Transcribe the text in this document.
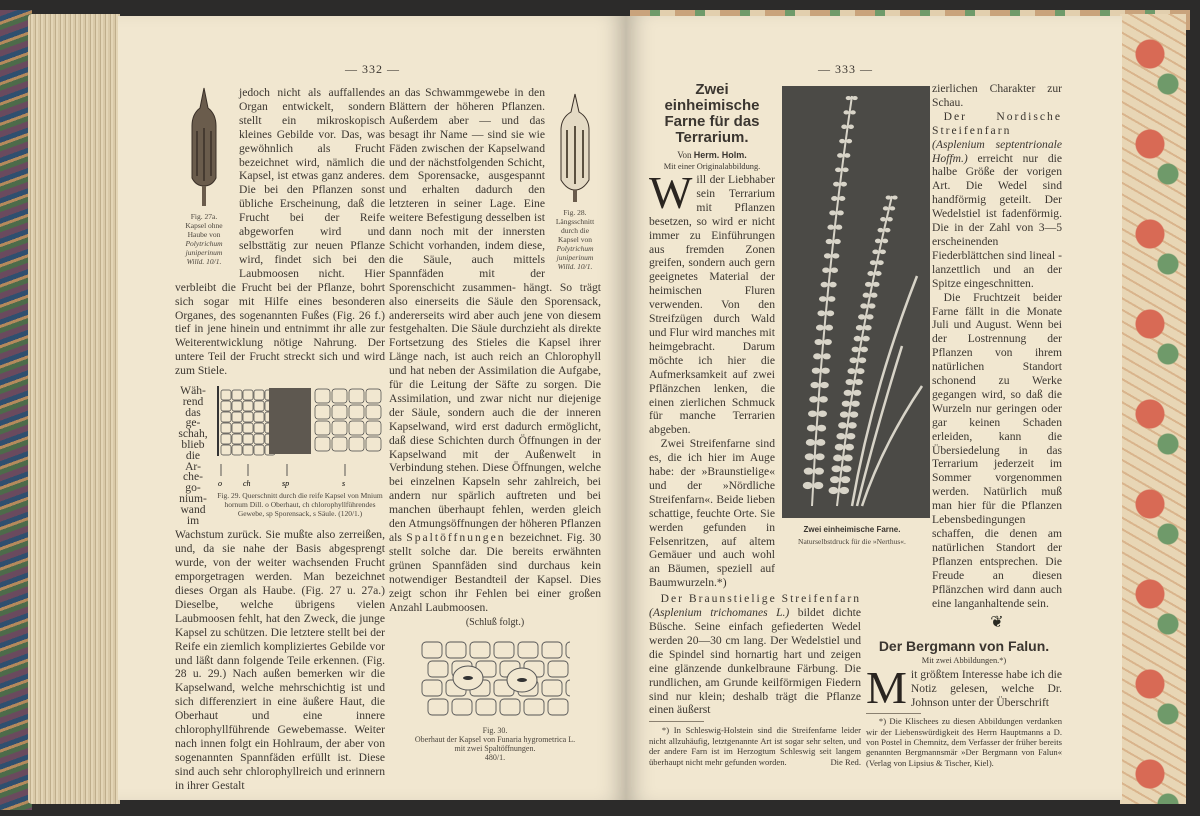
— 332 —
Fig. 27a.
Kapsel ohne
Haube von
Polytrichum
juniperinum
Willd. 10/1.

jedoch nicht als auffallendes Organ entwickelt, sondern stellt ein mikroskopisch kleines Gebilde vor. Das, was gewöhnlich als Frucht bezeichnet wird, nämlich die Kapsel, ist etwas ganz anderes. Die bei den Pflanzen sonst übliche Erscheinung, daß die Frucht bei der Reife abgeworfen wird und selbsttätig zur neuen Pflanze wird, findet sich bei den Laubmoosen nicht. Hier verbleibt die Frucht bei der Pflanze, bohrt sich sogar mit Hilfe eines besonderen Organes, des sogenannten Fußes (Fig. 26 f.) tief in jene hinein und entnimmt ihr alle zur Weiterentwicklung nötige Nahrung. Der untere Teil der Frucht streckt sich und wird zum Stiele.

Wäh-
rend
das
ge-
schah,
blieb
die
Ar-
che-
go-
nium-
wand
im
o	ch	sp	s
Fig. 29. Querschnitt durch die reife Kapsel von Mnium hornum Dill. o Oberhaut, ch chlorophyllführendes Gewebe, sp Sporensack, s Säule. (120/1.)

Wachstum zurück. Sie mußte also zerreißen, und, da sie nahe der Basis abgesprengt wurde, von der weiter wachsenden Frucht emporgetragen werden. Man bezeichnet dieses Organ als Haube. (Fig. 27 u. 27a.) Dieselbe, welche übrigens vielen Laubmoosen fehlt, hat den Zweck, die junge Kapsel zu schützen. Die letztere stellt bei der Reife ein ziemlich kompliziertes Gebilde vor und läßt dann folgende Teile erkennen. (Fig. 28 u. 29.) Nach außen bemerken wir die Kapselwand, welche mehrschichtig ist und sich differenziert in eine äußere Haut, die Oberhaut und eine innere chlorophyllführende Gewebemasse. Weiter nach innen folgt ein Hohlraum, der aber von sogenannten Spannfäden erfüllt ist. Diese sind auch sehr chlorophyllreich und erinnern in ihrer Gestalt

Fig. 28.
Längsschnitt
durch die
Kapsel von
Polytrichum
juniperinum
Willd. 10/1.

an das Schwammgewebe in den Blättern der höheren Pflanzen. Außerdem aber — und das besagt ihr Name — sind sie wie Fäden zwischen der Kapselwand und der nächstfolgenden Schicht, dem Sporensacke, ausgespannt und erhalten dadurch den letzteren in seiner Lage. Eine weitere Befestigung desselben ist dann noch mit der innersten Schicht vorhanden, indem diese, die Säule, auch mittels Spannfäden mit der Sporenschicht zusammen- hängt. So trägt also einerseits die Säule den Sporensack, andererseits wird aber auch jene von diesem festgehalten. Die Säule durchzieht als direkte Fortsetzung des Stieles die Kapsel ihrer Länge nach, ist auch reich an Chlorophyll und hat neben der Assimilation die Aufgabe, für die Leitung der Säfte zu sorgen. Die Assimilation, und zwar nicht nur diejenige der Säule, sondern auch die der inneren Kapselwand, wird erst dadurch ermöglicht, daß diese Schichten durch Öffnungen in der Kapselwand mit der Außenwelt in Verbindung stehen. Diese Öffnungen, welche bei einzelnen Kapseln sehr zahlreich, bei andern nur spärlich auftreten und bei manchen überhaupt fehlen, werden gleich den Atmungsöffnungen der höheren Pflanzen als Spaltöffnungen bezeichnet. Fig. 30 stellt solche dar. Die bereits erwähnten grünen Spannfäden sind durchaus kein notwendiger Bestandteil der Kapsel. Dies zeigt schon ihr Fehlen bei einer großen Anzahl Laubmoosen.

(Schluß folgt.)
Fig. 30.
Oberhaut der Kapsel von Funaria hygrometrica L.
mit zwei Spaltöffnungen.
480/1.
— 333 —
Zwei einheimische Farne für das Terrarium.
Von Herm. Holm.
Mit einer Originalabbildung.

Will der Liebhaber sein Terrarium mit Pflanzen besetzen, so wird er nicht immer zu Einführungen aus fremden Zonen greifen, sondern auch gern geeignetes Material der heimischen Fluren verwenden. Von den Streifzügen durch Wald und Flur wird manches mit heimgebracht. Darum möchte ich hier die Aufmerksamkeit auf zwei Pflänzchen lenken, die einen zierlichen Schmuck für manche Terrarien abgeben.

Zwei Streifenfarne sind es, die ich hier im Auge habe: der »Braunstielige« und der »Nördliche Streifenfarn«. Beide lieben schattige, feuchte Orte. Sie werden gefunden in Felsenritzen, auf altem Gemäuer und auch wohl an Bäumen, speziell auf Baumwurzeln.*)

Der Braunstielige Streifenfarn (Asplenium trichomanes L.) bildet dichte Büsche. Seine einfach gefiederten Wedel werden 20—30 cm lang. Der Wedelstiel und die Spindel sind hornartig hart und zeigen eine glänzende dunkelbraune Färbung. Die rundlichen, am Grunde keilförmigen Fiedern sind nur klein; deshalb trägt die Pflanze einen äußerst

*) In Schleswig-Holstein sind die Streifenfarne leider nicht allzuhäufig, letztgenannte Art ist sogar sehr selten, und der andere Farn ist im Herzogtum Schleswig seit langem überhaupt nicht mehr gefunden worden.	Die Red.
Zwei einheimische Farne.
Naturselbstdruck für die »Nerthus«.

zierlichen Charakter zur Schau.

Der Nordische Streifenfarn (Asplenium septentrionale Hoffm.) erreicht nur die halbe Größe der vorigen Art. Die Wedel sind handförmig geteilt. Der Wedelstiel ist fadenförmig. Die in der Zahl von 3—5 erscheinenden Fiederblättchen sind lineal - lanzettlich und an der Spitze eingeschnitten.

Die Fruchtzeit beider Farne fällt in die Monate Juli und August. Wenn bei der Lostrennung der Pflanzen von ihrem natürlichen Standort schonend zu Werke gegangen wird, so daß die Wurzeln nur geringen oder gar keinen Schaden erleiden, kann die Übersiedelung in das Terrarium jederzeit im Sommer vorgenommen werden. Natürlich muß man hier für die Pflanzen Lebensbedingungen schaffen, die denen am natürlichen Standort der Pflanzen entsprechen. Die Freude an diesen Pflänzchen wird dann auch eine langanhaltende sein.

❦
Der Bergmann von Falun.
Mit zwei Abbildungen.*)

Mit größtem Interesse habe ich die Notiz gelesen, welche Dr. Johnson unter der Überschrift

*) Die Klischees zu diesen Abbildungen verdanken wir der Liebenswürdigkeit des Herrn Hauptmanns a D. von Postel in Chemnitz, dem Verfasser der früher bereits genannten Bergmannsmär »Der Bergmann von Falun« (Verlag von Lipsius & Tischer, Kiel).
